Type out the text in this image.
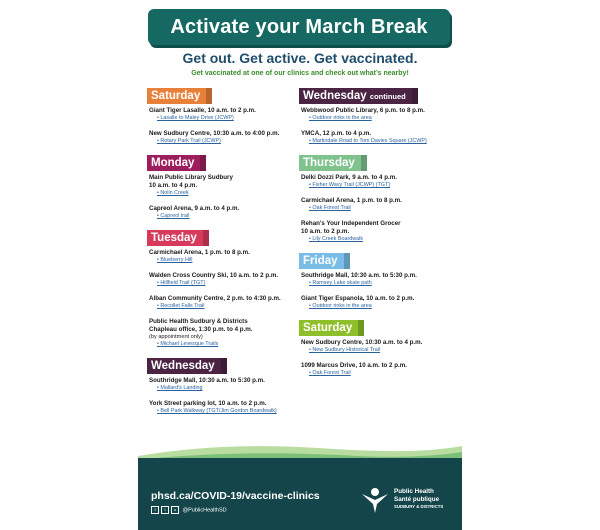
Activate your March Break
Get out. Get active. Get vaccinated.
Get vaccinated at one of our clinics and check out what’s nearby!
Saturday
Giant Tiger Lasalle, 10 a.m. to 2 p.m.
• Lasalle to Maley Drive (JCWP)
New Sudbury Centre, 10:30 a.m. to 4:00 p.m.
• Rotary Park Trail (JCWP)
Monday
Main Public Library Sudbury
10 a.m. to 4 p.m.
• Nolin Creek
Capreol Arena, 9 a.m. to 4 p.m.
• Capreol trail
Tuesday
Carmichael Arena, 1 p.m. to 8 p.m.
• Blueberry Hill
Walden Cross Country Ski, 10 a.m. to 2 p.m.
• Hillfield Trail (TGT)
Alban Community Centre, 2 p.m. to 4:30 p.m.
• Recollet Falls Trail
Public Health Sudbury & Districts
Chapleau office, 1:30 p.m. to 4 p.m.
(by appointment only)
• Michael Levesque Trails
Wednesday
Southridge Mall, 10:30 a.m. to 5:30 p.m.
• Mallard’s Landing
York Street parking lot, 10 a.m. to 2 p.m.
• Bell Park Walkway (TGT/Jim Gordon Boardwalk)
Wednesday continued
Webbwood Public Library, 6 p.m. to 8 p.m.
• Outdoor rinks in the area
YMCA, 12 p.m. to 4 p.m.
• Martindale Road to Tom Davies Square (JCWP)
Thursday
Delki Dozzi Park, 9 a.m. to 4 p.m.
• Fisher Wavy Trail (JCWP) (TGT)
Carmichael Arena, 1 p.m. to 8 p.m.
• Oak Forest Trail
Rehan’s Your Independent Grocer
10 a.m. to 2 p.m.
• Lily Creek Boardwalk
Friday
Southridge Mall, 10:30 a.m. to 5:30 p.m.
• Ramsey Lake skate path
Giant Tiger Espanola, 10 a.m. to 2 p.m.
• Outdoor rinks in the area
Saturday
New Sudbury Centre, 10:30 a.m. to 4 p.m.
• New Sudbury Historical Trail
1099 Marcus Drive, 10 a.m. to 2 p.m.
• Oak Forest Trail
phsd.ca/COVID-19/vaccine-clinics
f t o @PublicHealthSD
Public Health
Santé publique
SUDBURY & DISTRICTS
